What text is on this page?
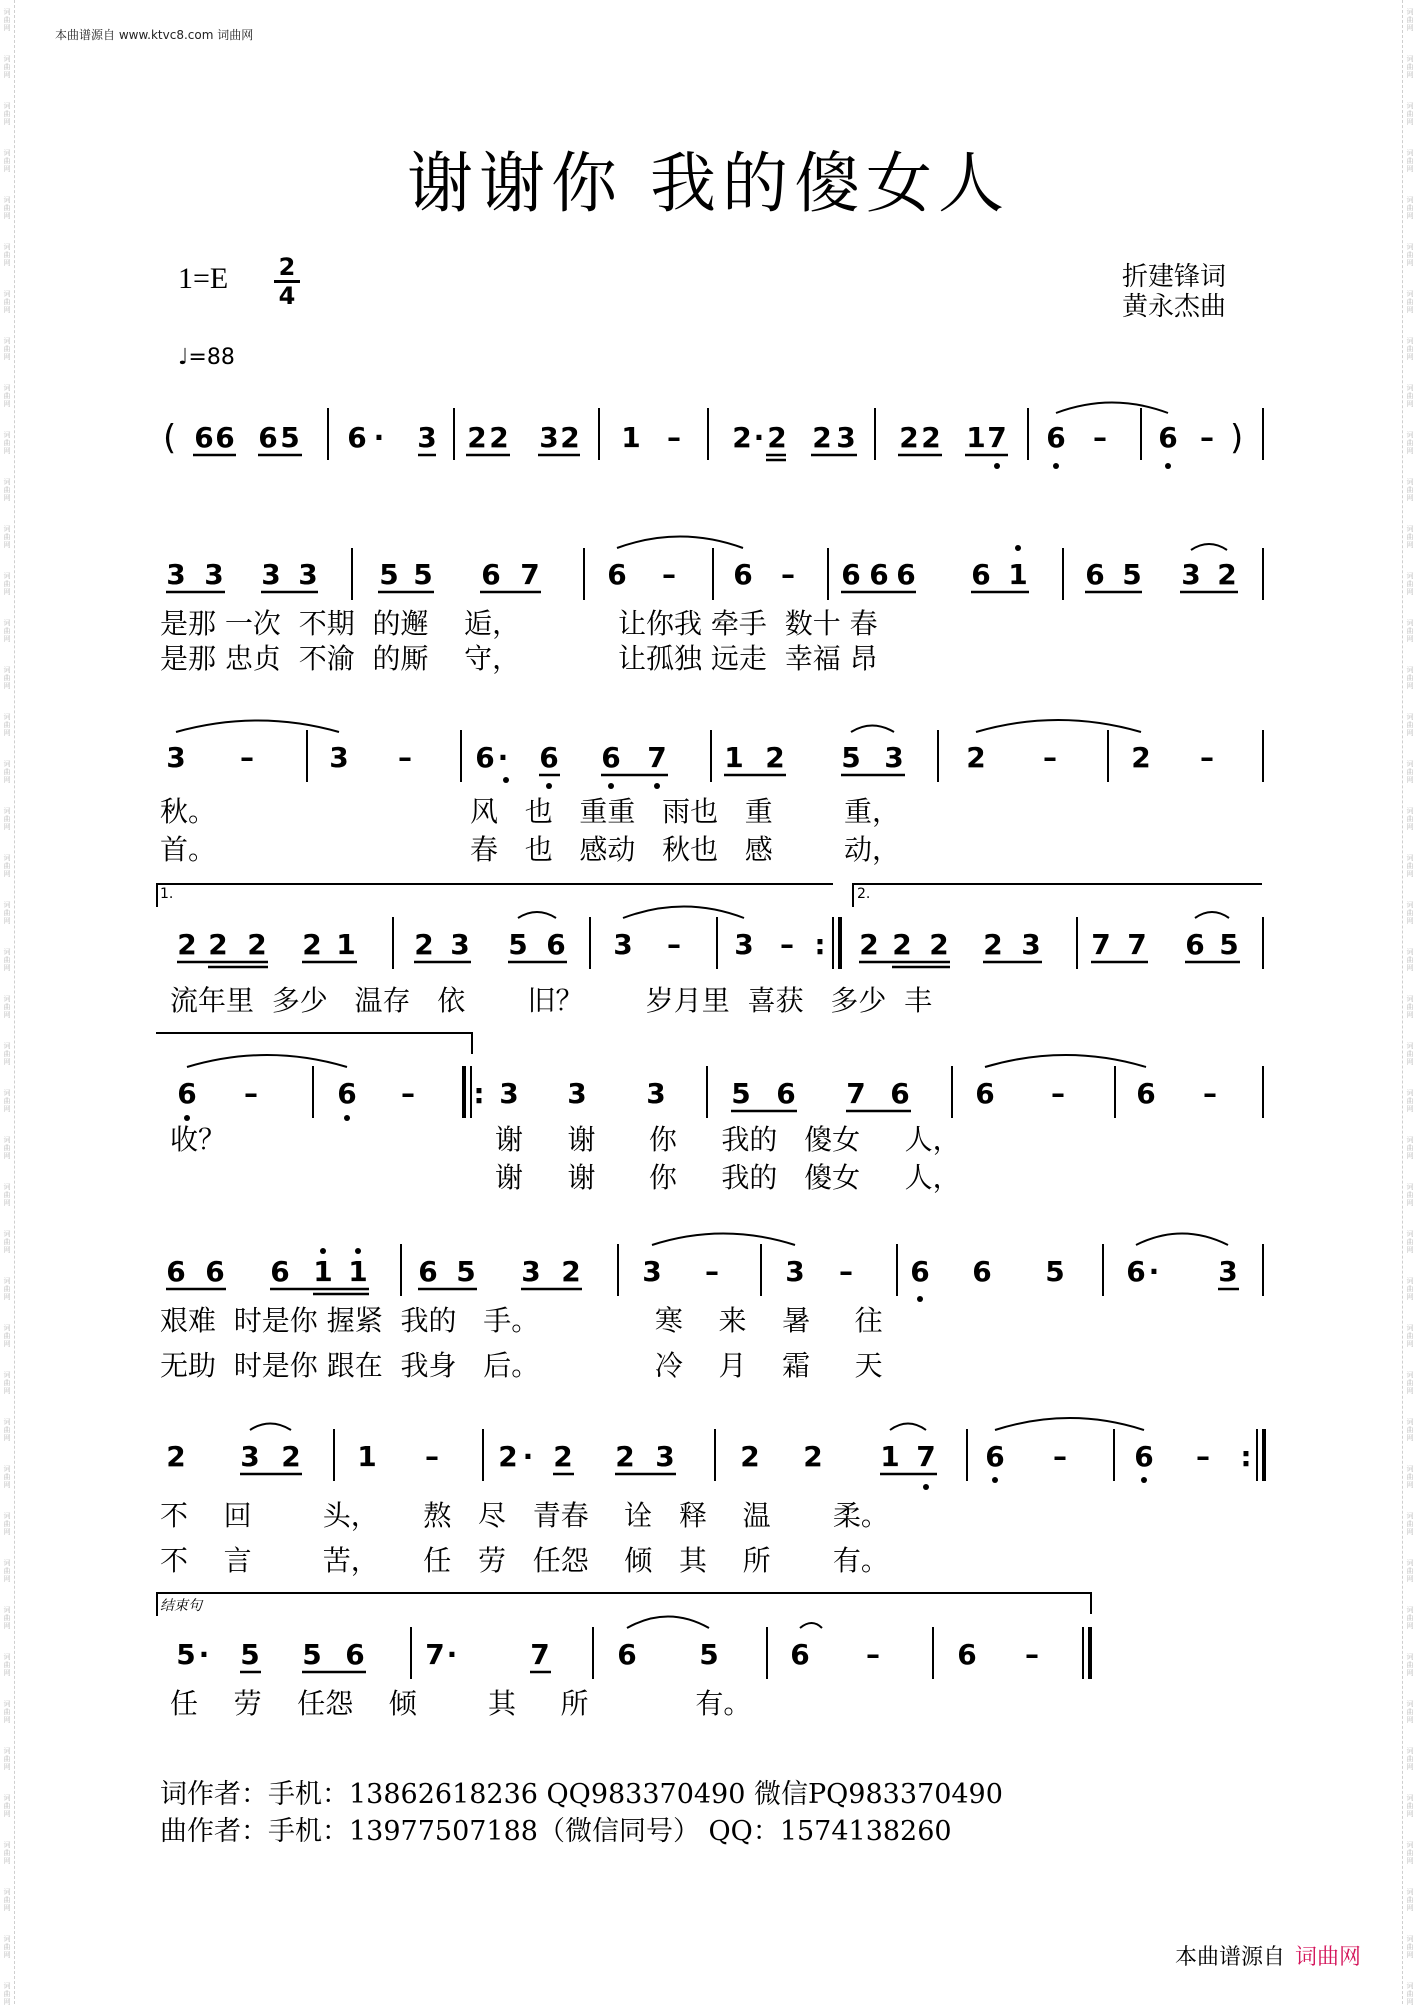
词
曲
网
词
曲
网
词
曲
网
词
曲
网
词
曲
网
词
曲
网
词
曲
网
词
曲
网
词
曲
网
词
曲
网
词
曲
网
词
曲
网
词
曲
网
词
曲
网
词
曲
网
词
曲
网
词
曲
网
词
曲
网
词
曲
网
词
曲
网
词
曲
网
词
曲
网
词
曲
网
词
曲
网
词
曲
网
词
曲
网
词
曲
网
词
曲
网
词
曲
网
词
曲
网
词
曲
网
词
曲
网
词
曲
网
词
曲
网
词
曲
网
词
曲
网
词
曲
网
词
曲
网
词
曲
网
词
曲
网
词
曲
网
词
曲
网
词
曲
网
词
曲
网
词
曲
网
词
曲
网
词
曲
网
词
曲
网
词
曲
网
词
曲
网
词
曲
网
词
曲
网
词
曲
网
词
曲
网
词
曲
网
词
曲
网
词
曲
网
词
曲
网
词
曲
网
词
曲
网
词
曲
网
词
曲
网
词
曲
网
词
曲
网
词
曲
网
词
曲
网
词
曲
网
词
曲
网
词
曲
网
词
曲
网
词
曲
网
词
曲
网
词
曲
网
词
曲
网
词
曲
网
词
曲
网
词
曲
网
词
曲
网
词
曲
网
词
曲
网
词
曲
网
词
曲
网
词
曲
网
词
曲
网
词
曲
网
词
曲
网
本曲谱源自 www.ktvc8.com 词曲网
谢谢你 我的傻女人
1=E 2
4
♩=88
折建锋词
黄永杰曲
( 6 6 6 5 6 · 3 2 2 3 2 1 – 2 · 2 2 3 2 2 1 7 6 – 6 – )
3 3 3 3 5 5 6 7 6 – 6 – 6 6 6 6 1 6 5 3 2
是那 一次  不期  的邂    逅，           让你我 牵手  数十 春
是那 忠贞  不渝  的厮    守，           让孤独 远走  幸福 昂
3 –	3 – 6 · 6 6 7 1 2 5 3 2 –	2 –
秋。
首。
风   也   重重   雨也   重        重，
春   也   感动   秋也   感        动，
1.	2.
2 2 2 2 1 2 3 5 6 3 – 3 – : 2 2 2 2 3 7 7 6 5
流年里  多少   温存   依       旧？       岁月里  喜获   多少  丰
6 –	6 – : 3 3 3 5 6 7 6 6 –	6 –
收？	谢     谢      你     我的   傻女     人，
谢     谢      你     我的   傻女     人，
6 6 6 1 1 6 5 3 2 3 – 3 – 6 6 5 6 · 3
艰难  时是你 握紧  我的   手。             寒    来    暑     往
无助  时是你 跟在  我身   后。             冷    月    霜     天
2 3 2 1 – 2 · 2 2 3 2 2 1 7 6 – 6 – :
不    回        头，     熬   尽   青春    诠   释    温       柔。
不    言        苦，     任   劳   任怨    倾   其    所       有。
结束句
5 · 5 5 6 7 ·	7 6 5	6 –	6 –
任    劳    任怨    倾        其     所            有。
词作者：手机：13862618236 QQ983370490 微信PQ983370490
曲作者：手机：13977507188（微信同号） QQ：1574138260
本曲谱源自 词曲网
